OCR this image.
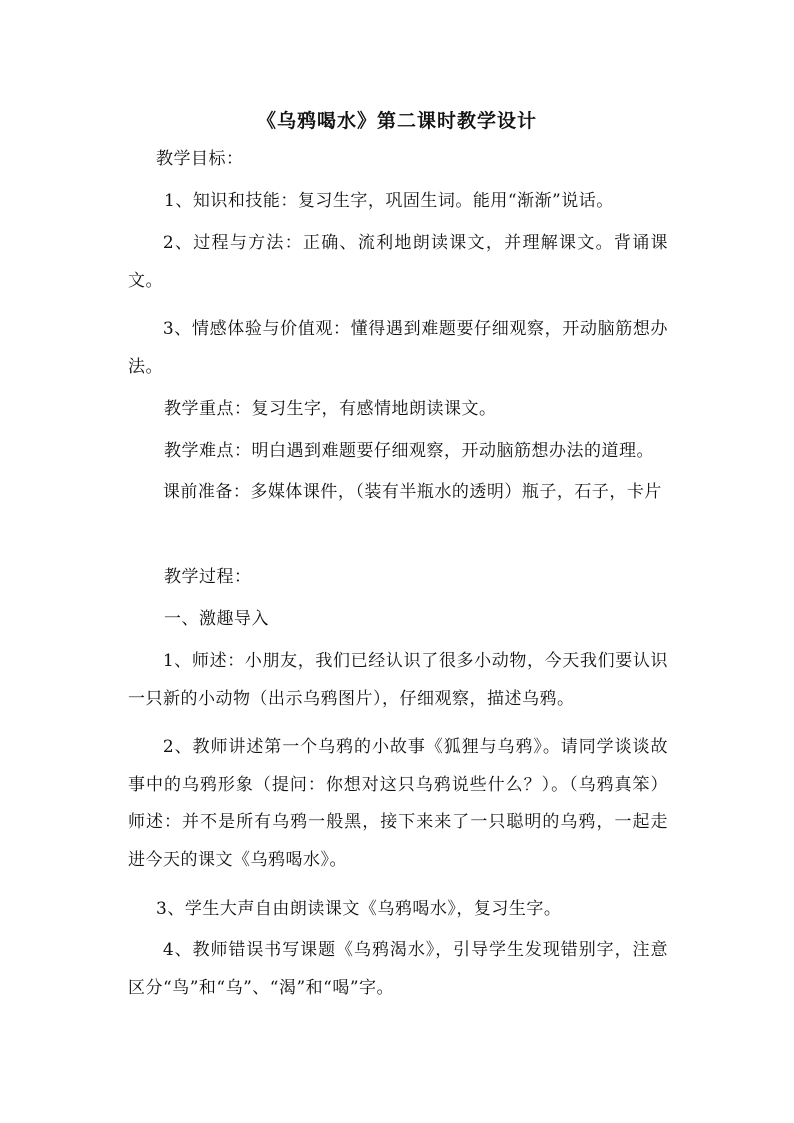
《乌鸦喝水》第二课时教学设计
教学目标：
1、知识和技能：复习生字，巩固生词。能用“渐渐”说话。
2、过程与方法：正确、流利地朗读课文，并理解课文。背诵课文。
3、情感体验与价值观：懂得遇到难题要仔细观察，开动脑筋想办法。
教学重点：复习生字，有感情地朗读课文。
教学难点：明白遇到难题要仔细观察，开动脑筋想办法的道理。
课前准备：多媒体课件，（装有半瓶水的透明）瓶子，石子，卡片
教学过程：
一、激趣导入
1、师述：小朋友，我们已经认识了很多小动物，今天我们要认识一只新的小动物（出示乌鸦图片），仔细观察，描述乌鸦。
2、教师讲述第一个乌鸦的小故事《狐狸与乌鸦》。请同学谈谈故事中的乌鸦形象（提问：你想对这只乌鸦说些什么？）。（乌鸦真笨）师述：并不是所有乌鸦一般黑，接下来来了一只聪明的乌鸦，一起走进今天的课文《乌鸦喝水》。
3、学生大声自由朗读课文《乌鸦喝水》，复习生字。
4、教师错误书写课题《乌鸦渴水》，引导学生发现错别字，注意区分“鸟”和“乌”、“渴”和“喝”字。
